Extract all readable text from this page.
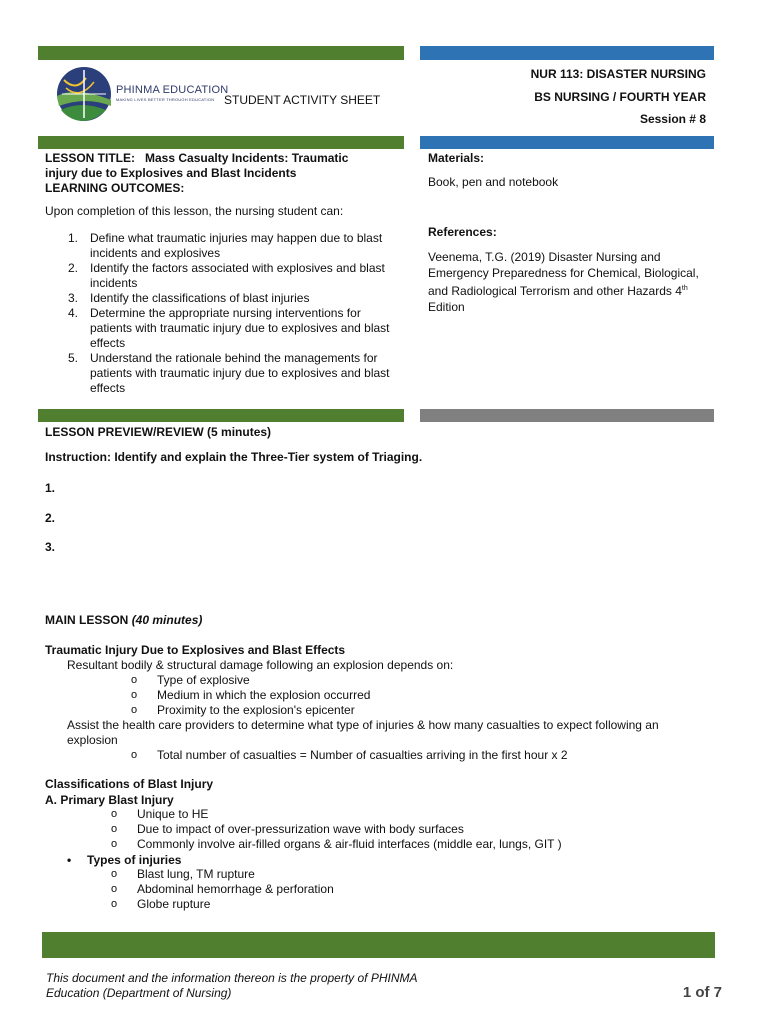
PHINMA EDUCATION
MAKING LIVES BETTER THROUGH EDUCATION STUDENT ACTIVITY SHEET
NUR 113: DISASTER NURSING
BS NURSING / FOURTH YEAR
Session # 8
LESSON TITLE: Mass Casualty Incidents: Traumatic
injury due to Explosives and Blast Incidents
LEARNING OUTCOMES:
Upon completion of this lesson, the nursing student can:
1. Define what traumatic injuries may happen due to blast incidents and explosives
2. Identify the factors associated with explosives and blast incidents
3. Identify the classifications of blast injuries
4. Determine the appropriate nursing interventions for patients with traumatic injury due to explosives and blast effects
5. Understand the rationale behind the managements for patients with traumatic injury due to explosives and blast effects
Materials:
Book, pen and notebook
References:
Veenema, T.G. (2019) Disaster Nursing and Emergency Preparedness for Chemical, Biological, and Radiological Terrorism and other Hazards 4th Edition
LESSON PREVIEW/REVIEW (5 minutes)
Instruction: Identify and explain the Three-Tier system of Triaging.
1.
2.
3.
MAIN LESSON (40 minutes)
Traumatic Injury Due to Explosives and Blast Effects
Resultant bodily & structural damage following an explosion depends on:
o Type of explosive
o Medium in which the explosion occurred
o Proximity to the explosion's epicenter
Assist the health care providers to determine what type of injuries & how many casualties to expect following an explosion
o Total number of casualties = Number of casualties arriving in the first hour x 2
Classifications of Blast Injury
A. Primary Blast Injury
o Unique to HE
o Due to impact of over-pressurization wave with body surfaces
o Commonly involve air-filled organs & air-fluid interfaces (middle ear, lungs, GIT )
• Types of injuries
o Blast lung, TM rupture
o Abdominal hemorrhage & perforation
o Globe rupture
This document and the information thereon is the property of PHINMA
Education (Department of Nursing)	1 of 7
